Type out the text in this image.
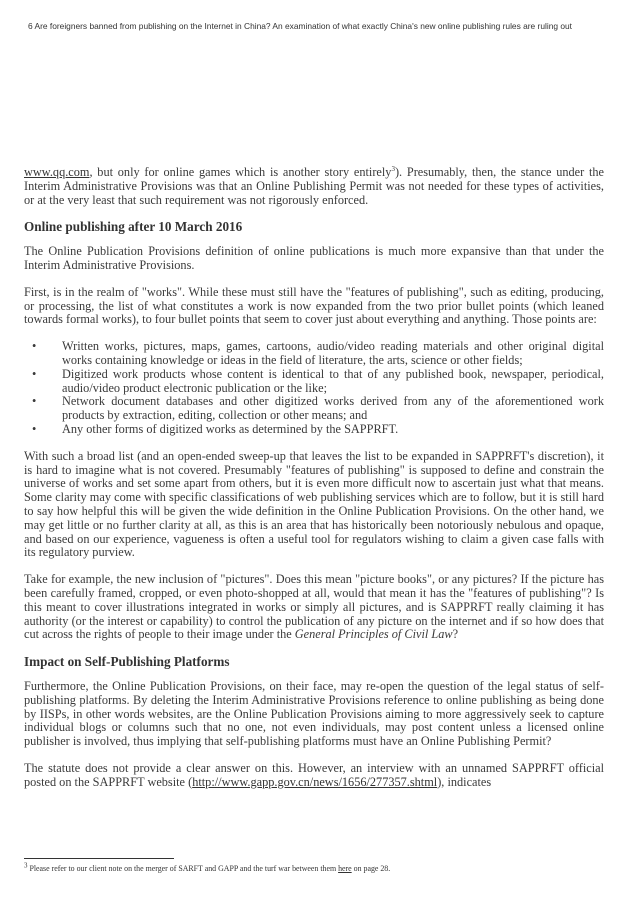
6 Are foreigners banned from publishing on the Internet in China? An examination of what exactly China's new online publishing rules are ruling out

www.qq.com, but only for online games which is another story entirely$^3$). Presumably, then, the stance under the Interim Administrative Provisions was that an Online Publishing Permit was not needed for these types of activities, or at the very least that such requirement was not rigorously enforced.

Online publishing after 10 March 2016

The Online Publication Provisions definition of online publications is much more expansive than that under the Interim Administrative Provisions.

First, is in the realm of "works". While these must still have the "features of publishing", such as editing, producing, or processing, the list of what constitutes a work is now expanded from the two prior bullet points (which leaned towards formal works), to four bullet points that seem to cover just about everything and anything. Those points are:

•	Written works, pictures, maps, games, cartoons, audio/video reading materials and other original digital works containing knowledge or ideas in the field of literature, the arts, science or other fields;
•	Digitized work products whose content is identical to that of any published book, newspaper, periodical, audio/video product electronic publication or the like;
•	Network document databases and other digitized works derived from any of the aforementioned work products by extraction, editing, collection or other means; and
•	Any other forms of digitized works as determined by the SAPPRFT.

With such a broad list (and an open-ended sweep-up that leaves the list to be expanded in SAPPRFT's discretion), it is hard to imagine what is not covered. Presumably "features of publishing" is supposed to define and constrain the universe of works and set some apart from others, but it is even more difficult now to ascertain just what that means. Some clarity may come with specific classifications of web publishing services which are to follow, but it is still hard to say how helpful this will be given the wide definition in the Online Publication Provisions. On the other hand, we may get little or no further clarity at all, as this is an area that has historically been notoriously nebulous and opaque, and based on our experience, vagueness is often a useful tool for regulators wishing to claim a given case falls with its regulatory purview.

Take for example, the new inclusion of "pictures". Does this mean "picture books", or any pictures? If the picture has been carefully framed, cropped, or even photo-shopped at all, would that mean it has the "features of publishing"? Is this meant to cover illustrations integrated in works or simply all pictures, and is SAPPRFT really claiming it has authority (or the interest or capability) to control the publication of any picture on the internet and if so how does that cut across the rights of people to their image under the General Principles of Civil Law?

Impact on Self-Publishing Platforms

Furthermore, the Online Publication Provisions, on their face, may re-open the question of the legal status of self-publishing platforms. By deleting the Interim Administrative Provisions reference to online publishing as being done by IISPs, in other words websites, are the Online Publication Provisions aiming to more aggressively seek to capture individual blogs or columns such that no one, not even individuals, may post content unless a licensed online publisher is involved, thus implying that self-publishing platforms must have an Online Publishing Permit?

The statute does not provide a clear answer on this. However, an interview with an unnamed SAPPRFT official posted on the SAPPRFT website (http://www.gapp.gov.cn/news/1656/277357.shtml), indicates

$^3$ Please refer to our client note on the merger of SARFT and GAPP and the turf war between them here on page 28.
